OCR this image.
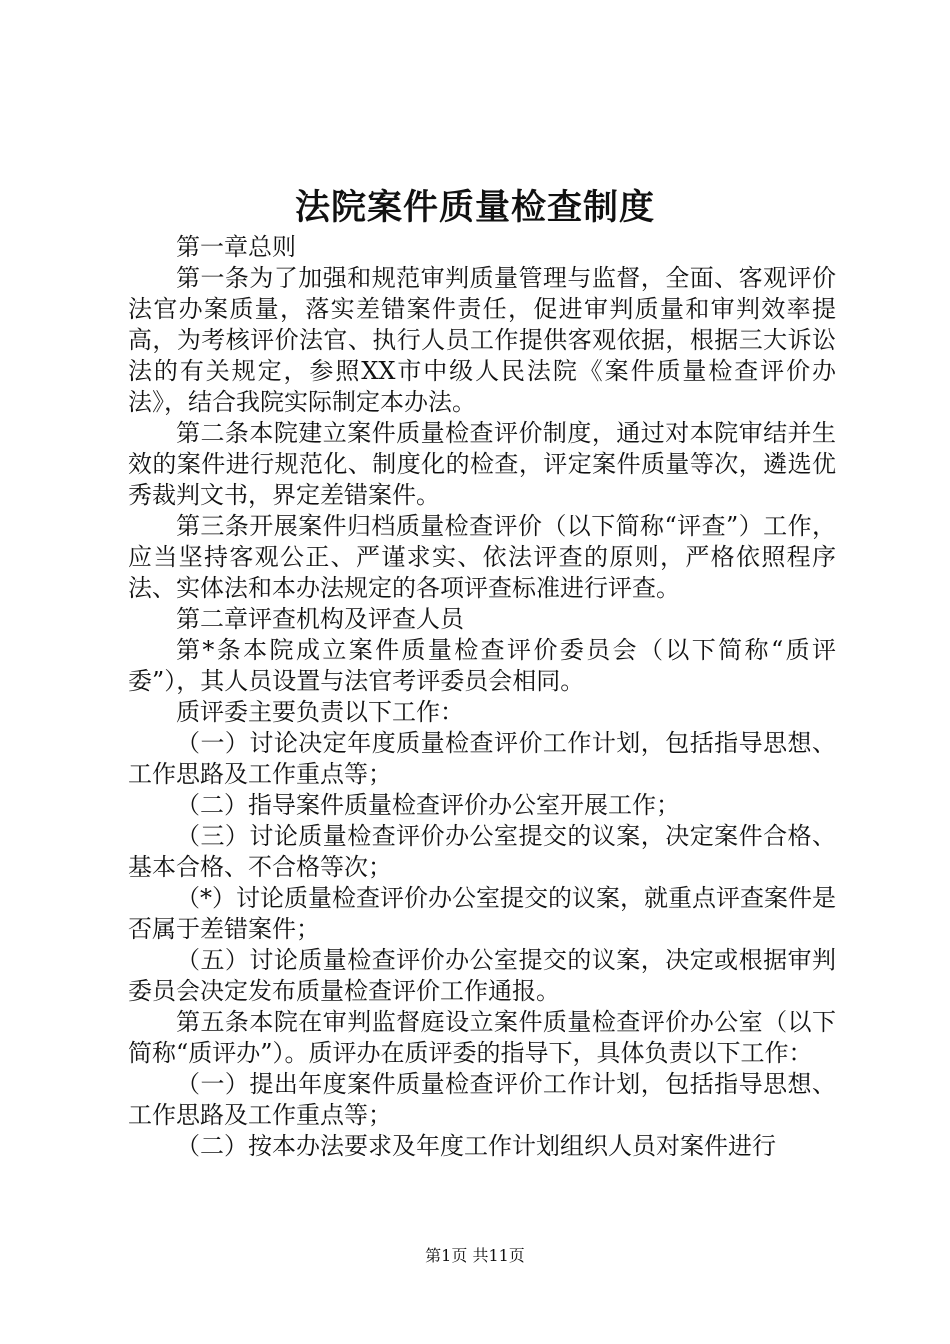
法院案件质量检查制度

第一章总则

第一条为了加强和规范审判质量管理与监督，全面、客观评价法官办案质量，落实差错案件责任，促进审判质量和审判效率提高，为考核评价法官、执行人员工作提供客观依据，根据三大诉讼法的有关规定，参照XX市中级人民法院《案件质量检查评价办法》，结合我院实际制定本办法。

第二条本院建立案件质量检查评价制度，通过对本院审结并生效的案件进行规范化、制度化的检查，评定案件质量等次，遴选优秀裁判文书，界定差错案件。

第三条开展案件归档质量检查评价（以下简称“评查”）工作，应当坚持客观公正、严谨求实、依法评查的原则，严格依照程序法、实体法和本办法规定的各项评查标准进行评查。

第二章评查机构及评查人员

第*条本院成立案件质量检查评价委员会（以下简称“质评委”），其人员设置与法官考评委员会相同。

质评委主要负责以下工作：

（一）讨论决定年度质量检查评价工作计划，包括指导思想、工作思路及工作重点等；

（二）指导案件质量检查评价办公室开展工作；

（三）讨论质量检查评价办公室提交的议案，决定案件合格、基本合格、不合格等次；

（*）讨论质量检查评价办公室提交的议案，就重点评查案件是否属于差错案件；

（五）讨论质量检查评价办公室提交的议案，决定或根据审判委员会决定发布质量检查评价工作通报。

第五条本院在审判监督庭设立案件质量检查评价办公室（以下简称“质评办”）。质评办在质评委的指导下，具体负责以下工作：

（一）提出年度案件质量检查评价工作计划，包括指导思想、工作思路及工作重点等；

（二）按本办法要求及年度工作计划组织人员对案件进行

第1页 共11页
